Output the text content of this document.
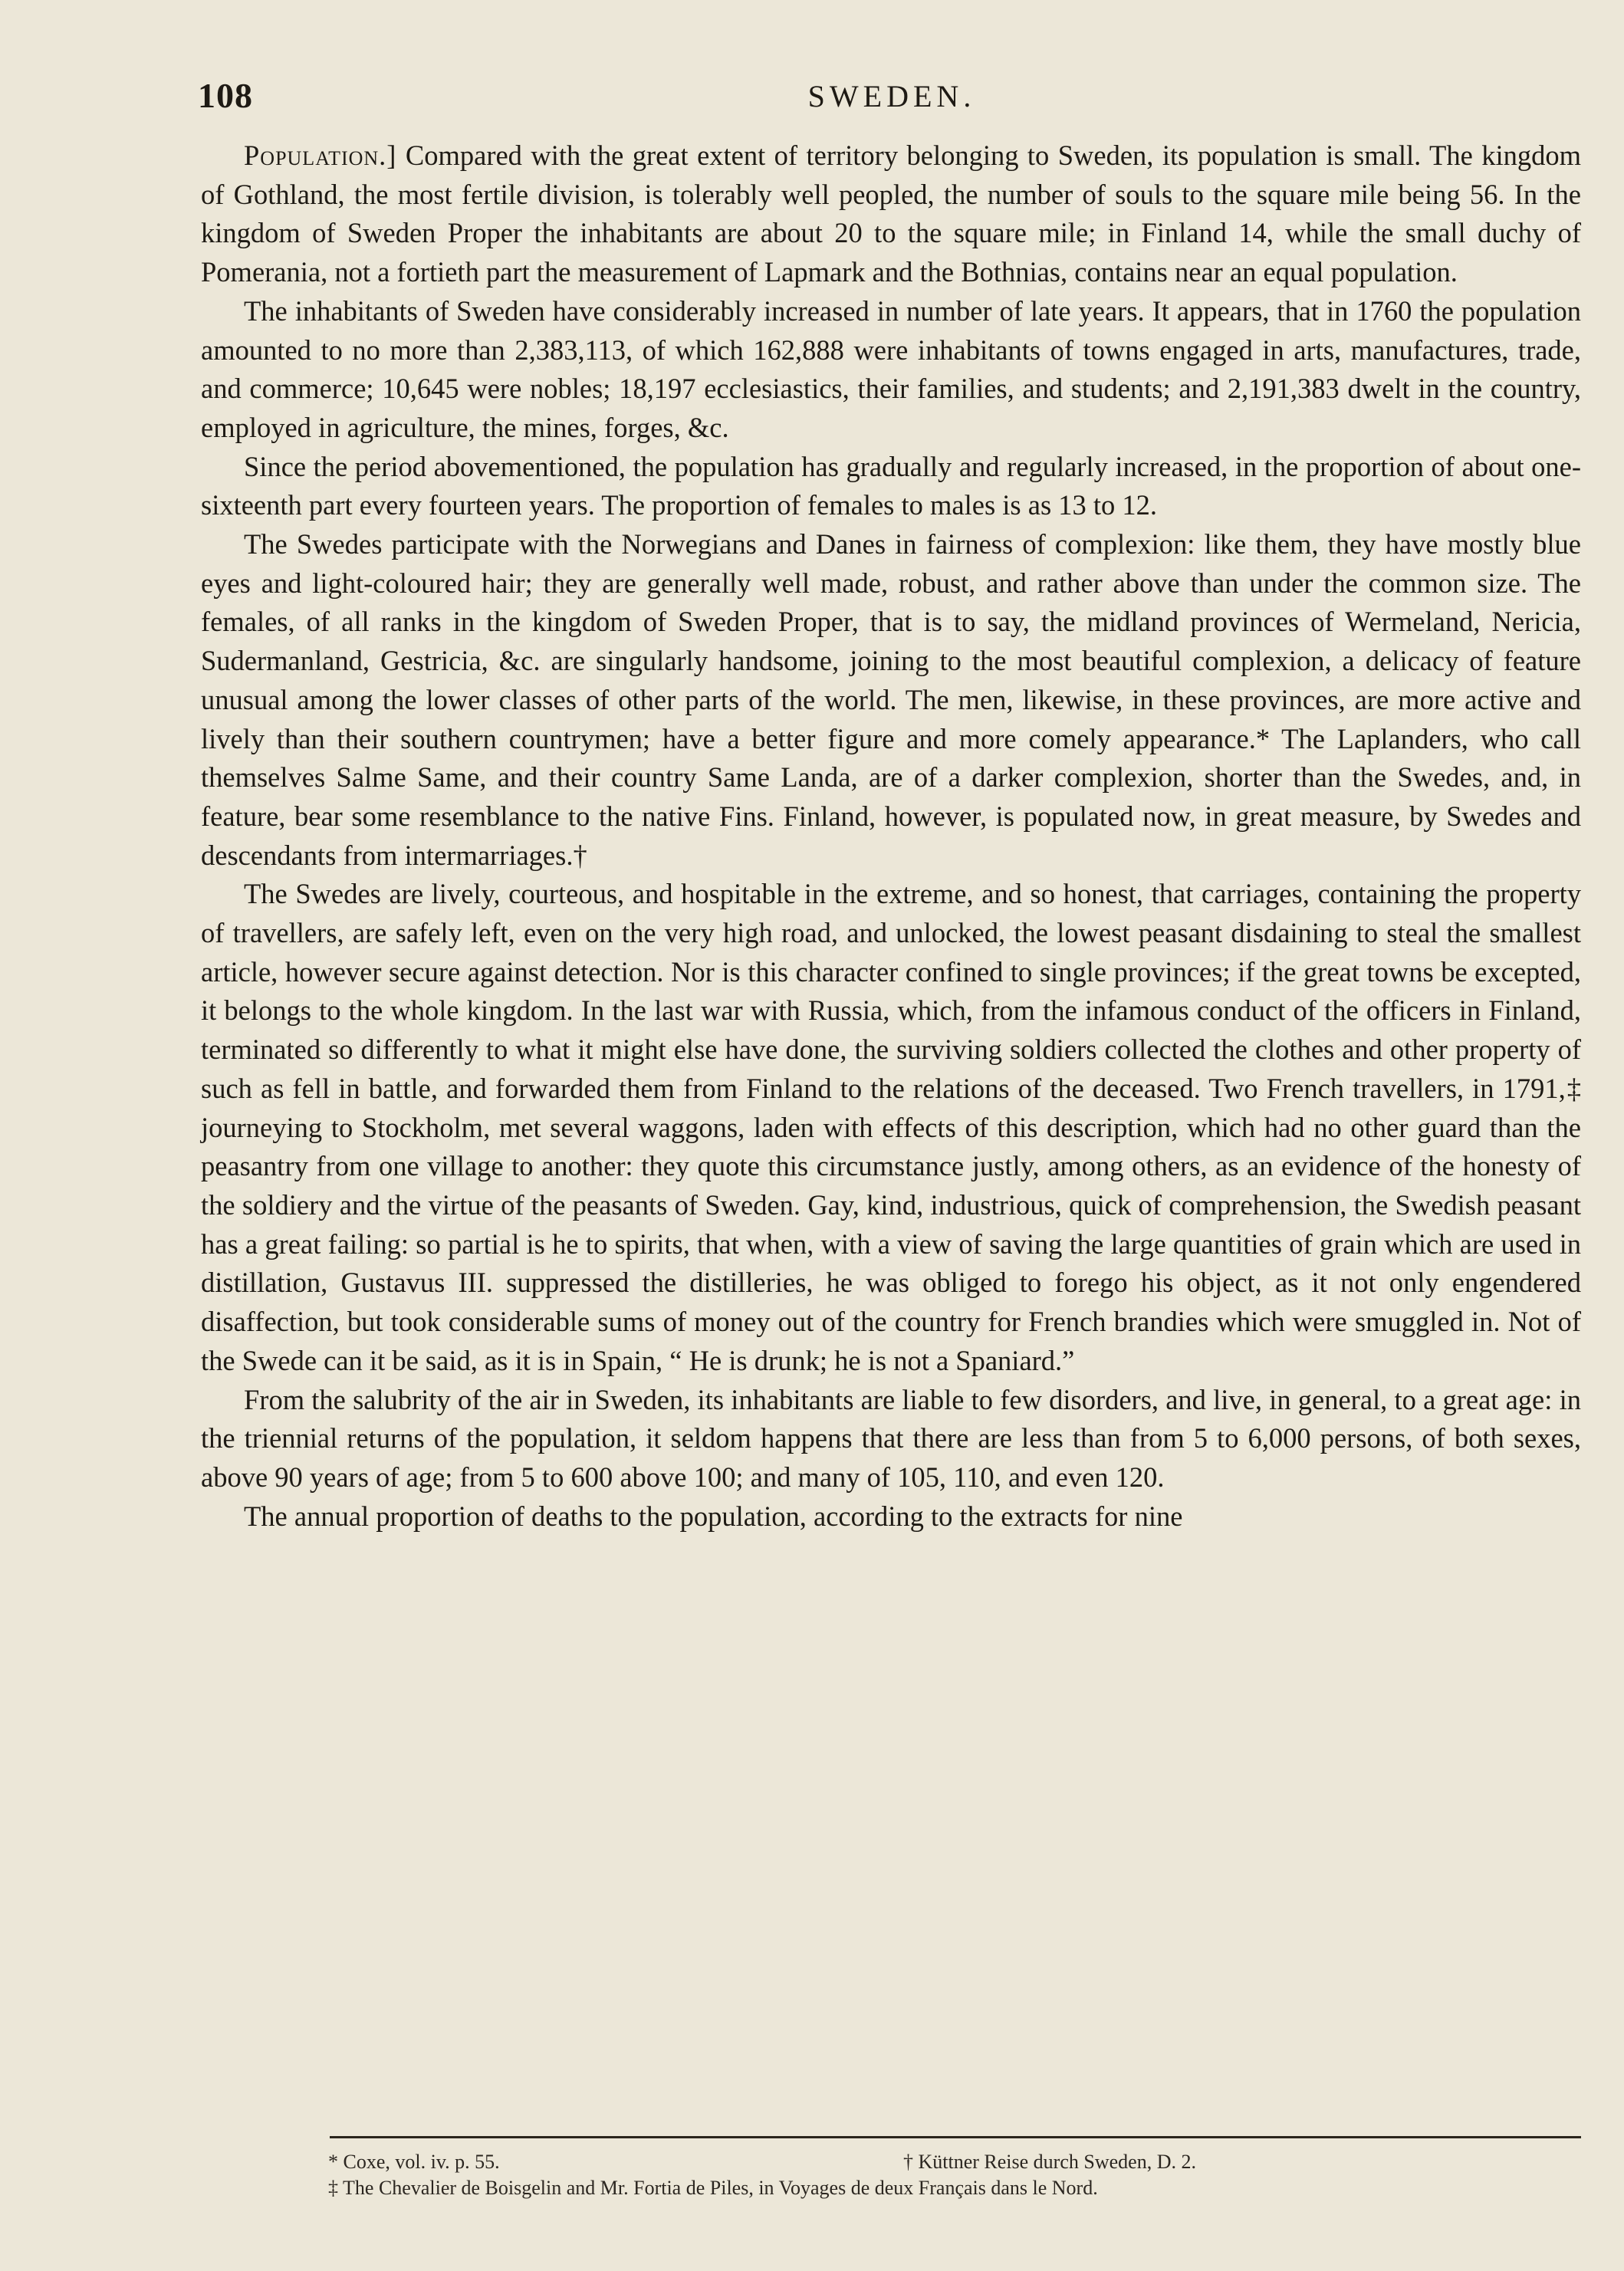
108	SWEDEN.

Population.] Compared with the great extent of territory belonging to Sweden, its population is small. The kingdom of Gothland, the most fertile division, is tolerably well peopled, the number of souls to the square mile being 56. In the kingdom of Sweden Proper the inhabitants are about 20 to the square mile; in Finland 14, while the small duchy of Pomerania, not a fortieth part the measurement of Lapmark and the Bothnias, contains near an equal population.

The inhabitants of Sweden have considerably increased in number of late years. It appears, that in 1760 the population amounted to no more than 2,383,113, of which 162,888 were inhabitants of towns engaged in arts, manufactures, trade, and commerce; 10,645 were nobles; 18,197 ecclesiastics, their families, and students; and 2,191,383 dwelt in the country, employed in agriculture, the mines, forges, &c.

Since the period abovementioned, the population has gradually and regularly increased, in the proportion of about one-sixteenth part every fourteen years. The proportion of females to males is as 13 to 12.

The Swedes participate with the Norwegians and Danes in fairness of complexion: like them, they have mostly blue eyes and light-coloured hair; they are generally well made, robust, and rather above than under the common size. The females, of all ranks in the kingdom of Sweden Proper, that is to say, the midland provinces of Wermeland, Nericia, Sudermanland, Gestricia, &c. are singularly handsome, joining to the most beautiful complexion, a delicacy of feature unusual among the lower classes of other parts of the world. The men, likewise, in these provinces, are more active and lively than their southern countrymen; have a better figure and more comely appearance.* The Laplanders, who call themselves Salme Same, and their country Same Landa, are of a darker complexion, shorter than the Swedes, and, in feature, bear some resemblance to the native Fins. Finland, however, is populated now, in great measure, by Swedes and descendants from intermarriages.†

The Swedes are lively, courteous, and hospitable in the extreme, and so honest, that carriages, containing the property of travellers, are safely left, even on the very high road, and unlocked, the lowest peasant disdaining to steal the smallest article, however secure against detection. Nor is this character confined to single provinces; if the great towns be excepted, it belongs to the whole kingdom. In the last war with Russia, which, from the infamous conduct of the officers in Finland, terminated so differently to what it might else have done, the surviving soldiers collected the clothes and other property of such as fell in battle, and forwarded them from Finland to the relations of the deceased. Two French travellers, in 1791,‡ journeying to Stockholm, met several waggons, laden with effects of this description, which had no other guard than the peasantry from one village to another: they quote this circumstance justly, among others, as an evidence of the honesty of the soldiery and the virtue of the peasants of Sweden. Gay, kind, industrious, quick of comprehension, the Swedish peasant has a great failing: so partial is he to spirits, that when, with a view of saving the large quantities of grain which are used in distillation, Gustavus III. suppressed the distilleries, he was obliged to forego his object, as it not only engendered disaffection, but took considerable sums of money out of the country for French brandies which were smuggled in. Not of the Swede can it be said, as it is in Spain, “ He is drunk; he is not a Spaniard.”

From the salubrity of the air in Sweden, its inhabitants are liable to few disorders, and live, in general, to a great age: in the triennial returns of the population, it seldom happens that there are less than from 5 to 6,000 persons, of both sexes, above 90 years of age; from 5 to 600 above 100; and many of 105, 110, and even 120.

The annual proportion of deaths to the population, according to the extracts for nine

* Coxe, vol. iv. p. 55.	† Küttner Reise durch Sweden, D. 2.
‡ The Chevalier de Boisgelin and Mr. Fortia de Piles, in Voyages de deux Français dans le Nord.
